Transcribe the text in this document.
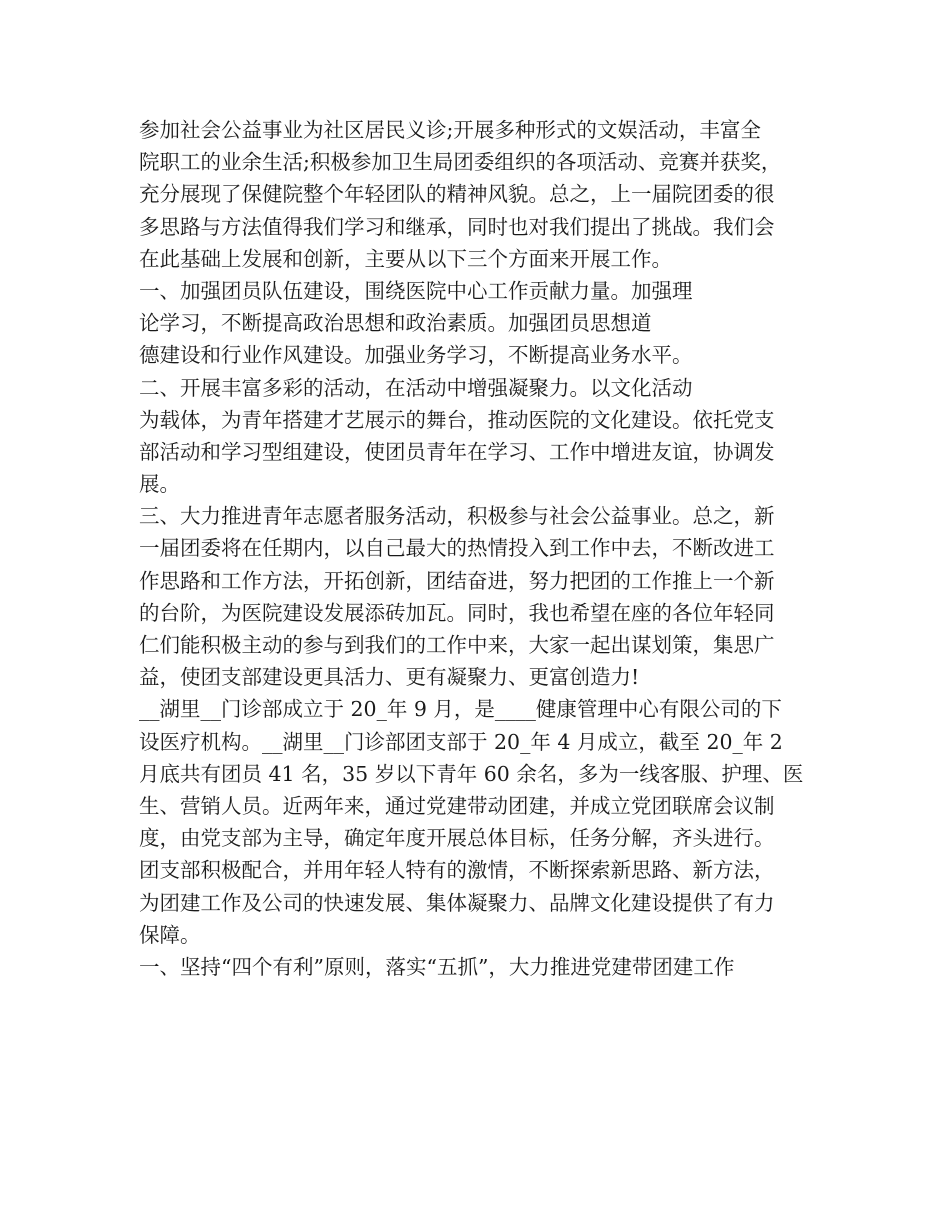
参加社会公益事业为社区居民义诊;开展多种形式的文娱活动，丰富全
院职工的业余生活;积极参加卫生局团委组织的各项活动、竞赛并获奖，
充分展现了保健院整个年轻团队的精神风貌。总之，上一届院团委的很
多思路与方法值得我们学习和继承，同时也对我们提出了挑战。我们会
在此基础上发展和创新，主要从以下三个方面来开展工作。
一、加强团员队伍建设，围绕医院中心工作贡献力量。加强理
论学习，不断提高政治思想和政治素质。加强团员思想道
德建设和行业作风建设。加强业务学习，不断提高业务水平。
二、开展丰富多彩的活动，在活动中增强凝聚力。以文化活动
为载体，为青年搭建才艺展示的舞台，推动医院的文化建设。依托党支
部活动和学习型组建设，使团员青年在学习、工作中增进友谊，协调发
展。
三、大力推进青年志愿者服务活动，积极参与社会公益事业。总之，新
一届团委将在任期内，以自己最大的热情投入到工作中去，不断改进工
作思路和工作方法，开拓创新，团结奋进，努力把团的工作推上一个新
的台阶，为医院建设发展添砖加瓦。同时，我也希望在座的各位年轻同
仁们能积极主动的参与到我们的工作中来，大家一起出谋划策，集思广
益，使团支部建设更具活力、更有凝聚力、更富创造力!
__湖里__门诊部成立于 20_年 9 月，是____健康管理中心有限公司的下
设医疗机构。__湖里__门诊部团支部于 20_年 4 月成立，截至 20_年 2
月底共有团员 41 名，35 岁以下青年 60 余名，多为一线客服、护理、医
生、营销人员。近两年来，通过党建带动团建，并成立党团联席会议制
度，由党支部为主导，确定年度开展总体目标，任务分解，齐头进行。
团支部积极配合，并用年轻人特有的激情，不断探索新思路、新方法，
为团建工作及公司的快速发展、集体凝聚力、品牌文化建设提供了有力
保障。
一、坚持“四个有利”原则，落实“五抓”，大力推进党建带团建工作
